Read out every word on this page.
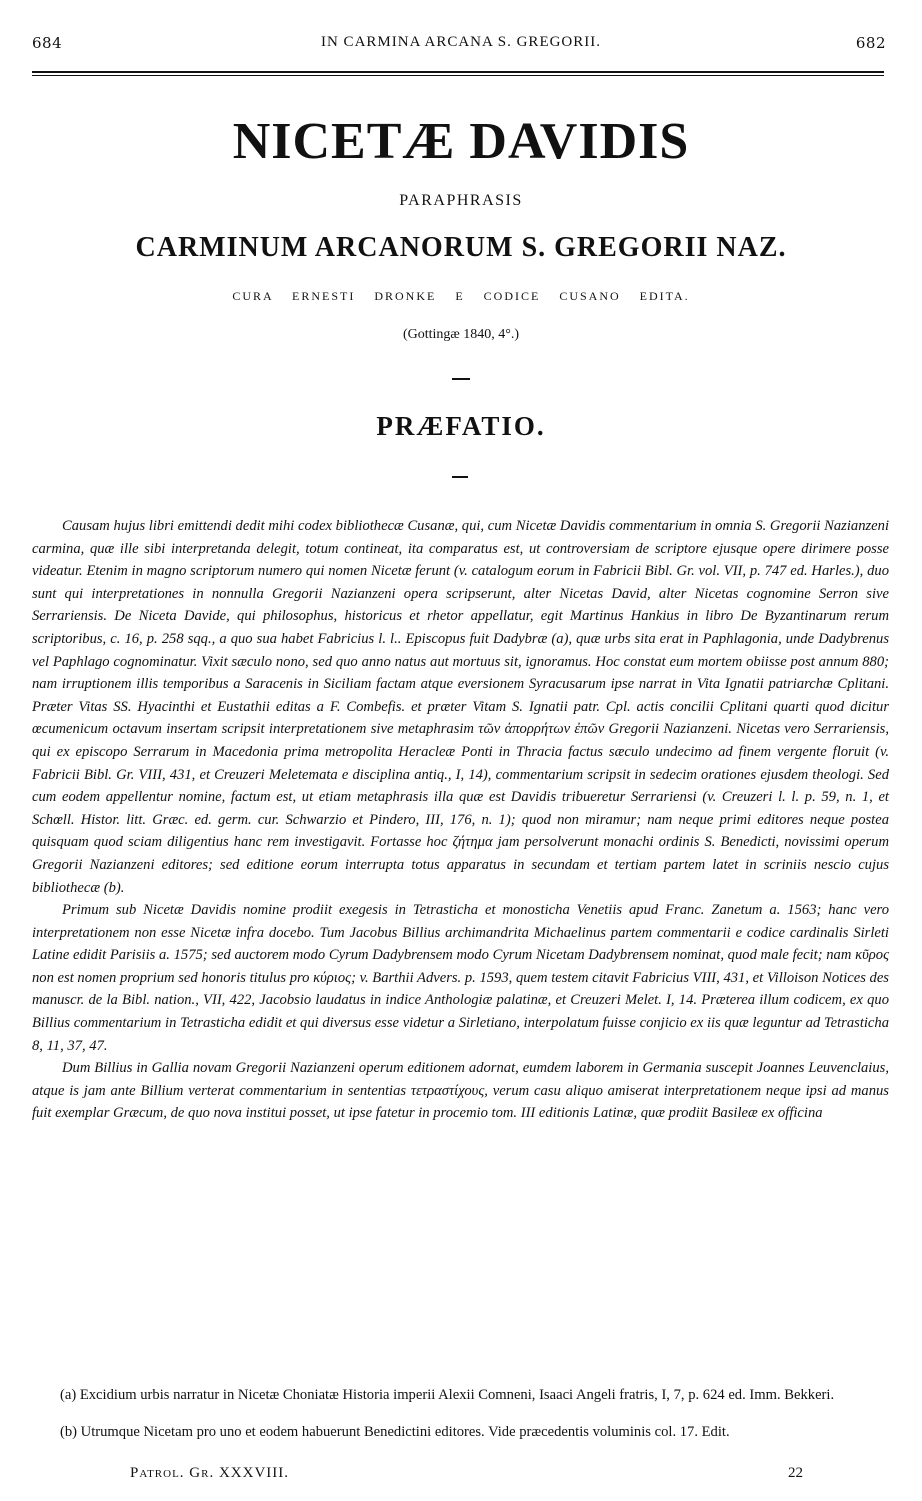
684	IN CARMINA ARCANA S. GREGORII.	682
NICETÆ DAVIDIS
PARAPHRASIS
CARMINUM ARCANORUM S. GREGORII NAZ.
CURA ERNESTI DRONKE E CODICE CUSANO EDITA.
(Gottingæ 1840, 4°.)
PRÆFATIO.

Causam hujus libri emittendi dedit mihi codex bibliothecæ Cusanæ, qui, cum Nicetæ Davidis commentarium in omnia S. Gregorii Nazianzeni carmina, quæ ille sibi interpretanda delegit, totum contineat, ita comparatus est, ut controversiam de scriptore ejusque opere dirimere posse videatur. Etenim in magno scriptorum numero qui nomen Nicetæ ferunt (v. catalogum eorum in Fabricii Bibl. Gr. vol. VII, p. 747 ed. Harles.), duo sunt qui interpretationes in nonnulla Gregorii Nazianzeni opera scripserunt, alter Nicetas David, alter Nicetas cognomine Serron sive Serrariensis. De Niceta Davide, qui philosophus, historicus et rhetor appellatur, egit Martinus Hankius in libro De Byzantinarum rerum scriptoribus, c. 16, p. 258 sqq., a quo sua habet Fabricius l. l.. Episcopus fuit Dadybræ (a), quæ urbs sita erat in Paphlagonia, unde Dadybrenus vel Paphlago cognominatur. Vixit sæculo nono, sed quo anno natus aut mortuus sit, ignoramus. Hoc constat eum mortem obiisse post annum 880; nam irruptionem illis temporibus a Saracenis in Siciliam factam atque eversionem Syracusarum ipse narrat in Vita Ignatii patriarchæ Cplitani. Præter Vitas SS. Hyacinthi et Eustathii editas a F. Combefis. et præter Vitam S. Ignatii patr. Cpl. actis concilii Cplitani quarti quod dicitur œcumenicum octavum insertam scripsit interpretationem sive metaphrasim τῶν ἀπορρήτων ἐπῶν Gregorii Nazianzeni. Nicetas vero Serrariensis, qui ex episcopo Serrarum in Macedonia prima metropolita Heracleæ Ponti in Thracia factus sæculo undecimo ad finem vergente floruit (v. Fabricii Bibl. Gr. VIII, 431, et Creuzeri Meletemata e disciplina antiq., I, 14), commentarium scripsit in sedecim orationes ejusdem theologi. Sed cum eodem appellentur nomine, factum est, ut etiam metaphrasis illa quæ est Davidis tribueretur Serrariensi (v. Creuzeri l. l. p. 59, n. 1, et Schœll. Histor. litt. Græc. ed. germ. cur. Schwarzio et Pindero, III, 176, n. 1); quod non miramur; nam neque primi editores neque postea quisquam quod sciam diligentius hanc rem investigavit. Fortasse hoc ζήτημα jam persolverunt monachi ordinis S. Benedicti, novissimi operum Gregorii Nazianzeni editores; sed editione eorum interrupta totus apparatus in secundam et tertiam partem latet in scriniis nescio cujus bibliothecæ (b).

Primum sub Nicetæ Davidis nomine prodiit exegesis in Tetrasticha et monosticha Venetiis apud Franc. Zanetum a. 1563; hanc vero interpretationem non esse Nicetæ infra docebo. Tum Jacobus Billius archimandrita Michaelinus partem commentarii e codice cardinalis Sirleti Latine edidit Parisiis a. 1575; sed auctorem modo Cyrum Dadybrensem modo Cyrum Nicetam Dadybrensem nominat, quod male fecit; nam κῦρος non est nomen proprium sed honoris titulus pro κύριος; v. Barthii Advers. p. 1593, quem testem citavit Fabricius VIII, 431, et Villoison Notices des manuscr. de la Bibl. nation., VII, 422, Jacobsio laudatus in indice Anthologiæ palatinæ, et Creuzeri Melet. I, 14. Præterea illum codicem, ex quo Billius commentarium in Tetrasticha edidit et qui diversus esse videtur a Sirletiano, interpolatum fuisse conjicio ex iis quæ leguntur ad Tetrasticha 8, 11, 37, 47.

Dum Billius in Gallia novam Gregorii Nazianzeni operum editionem adornat, eumdem laborem in Germania suscepit Joannes Leuvenclaius, atque is jam ante Billium verterat commentarium in sententias τετραστίχους, verum casu aliquo amiserat interpretationem neque ipsi ad manus fuit exemplar Græcum, de quo nova institui posset, ut ipse fatetur in procemio tom. III editionis Latinæ, quæ prodiit Basileæ ex officina

(a) Excidium urbis narratur in Nicetæ Choniatæ Historia imperii Alexii Comneni, Isaaci Angeli fratris, I, 7, p. 624 ed. Imm. Bekkeri.
(b) Utrumque Nicetam pro uno et eodem habuerunt Benedictini editores. Vide præcedentis voluminis col. 17. Edit.
Patrol. Gr. XXXVIII.	22
